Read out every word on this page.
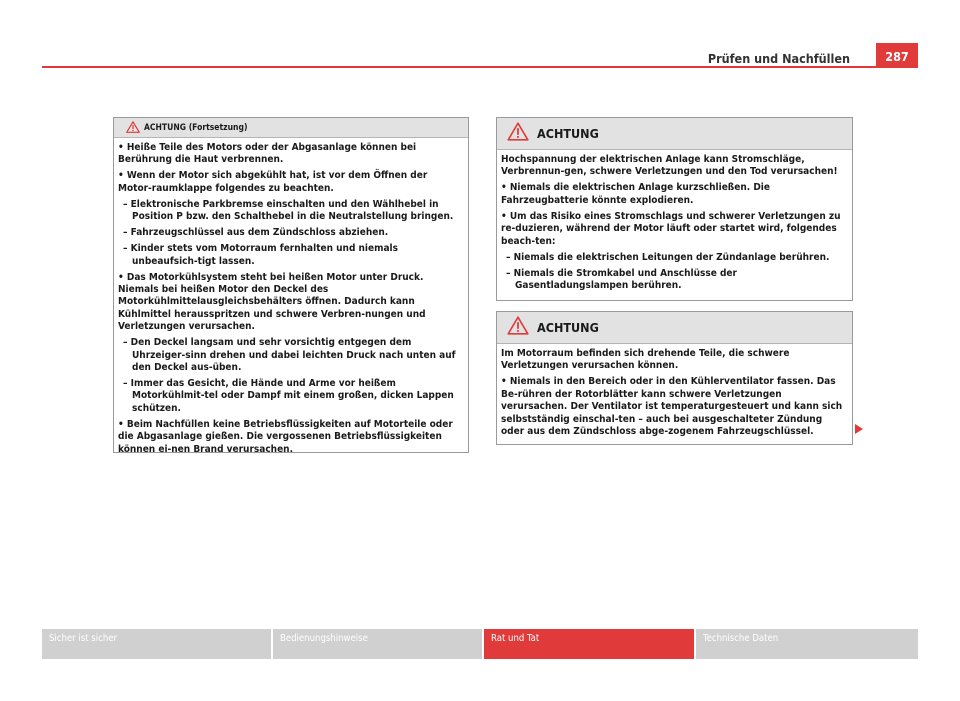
Prüfen und Nachfüllen	287
ACHTUNG (Fortsetzung)

• Heiße Teile des Motors oder der Abgasanlage können bei Berührung die Haut verbrennen.

• Wenn der Motor sich abgekühlt hat, ist vor dem Öffnen der Motor-raumklappe folgendes zu beachten.

– Elektronische Parkbremse einschalten und den Wählhebel in Position P bzw. den Schalthebel in die Neutralstellung bringen.

– Fahrzeugschlüssel aus dem Zündschloss abziehen.

– Kinder stets vom Motorraum fernhalten und niemals unbeaufsich-tigt lassen.

• Das Motorkühlsystem steht bei heißen Motor unter Druck. Niemals bei heißen Motor den Deckel des Motorkühlmittelausgleichsbehälters öffnen. Dadurch kann Kühlmittel herausspritzen und schwere Verbren-nungen und Verletzungen verursachen.

– Den Deckel langsam und sehr vorsichtig entgegen dem Uhrzeiger-sinn drehen und dabei leichten Druck nach unten auf den Deckel aus-üben.

– Immer das Gesicht, die Hände und Arme vor heißem Motorkühlmit-tel oder Dampf mit einem großen, dicken Lappen schützen.

• Beim Nachfüllen keine Betriebsflüssigkeiten auf Motorteile oder die Abgasanlage gießen. Die vergossenen Betriebsflüssigkeiten können ei-nen Brand verursachen.

ACHTUNG

Hochspannung der elektrischen Anlage kann Stromschläge, Verbrennun-gen, schwere Verletzungen und den Tod verursachen!

• Niemals die elektrischen Anlage kurzschließen. Die Fahrzeugbatterie könnte explodieren.

• Um das Risiko eines Stromschlags und schwerer Verletzungen zu re-duzieren, während der Motor läuft oder startet wird, folgendes beach-ten:

– Niemals die elektrischen Leitungen der Zündanlage berühren.

– Niemals die Stromkabel und Anschlüsse der Gasentladungslampen berühren.

ACHTUNG

Im Motorraum befinden sich drehende Teile, die schwere Verletzungen verursachen können.

• Niemals in den Bereich oder in den Kühlerventilator fassen. Das Be-rühren der Rotorblätter kann schwere Verletzungen verursachen. Der Ventilator ist temperaturgesteuert und kann sich selbstständig einschal-ten – auch bei ausgeschalteter Zündung oder aus dem Zündschloss abge-zogenem Fahrzeugschlüssel.

Sicher ist sicher	Bedienungshinweise	Rat und Tat	Technische Daten
